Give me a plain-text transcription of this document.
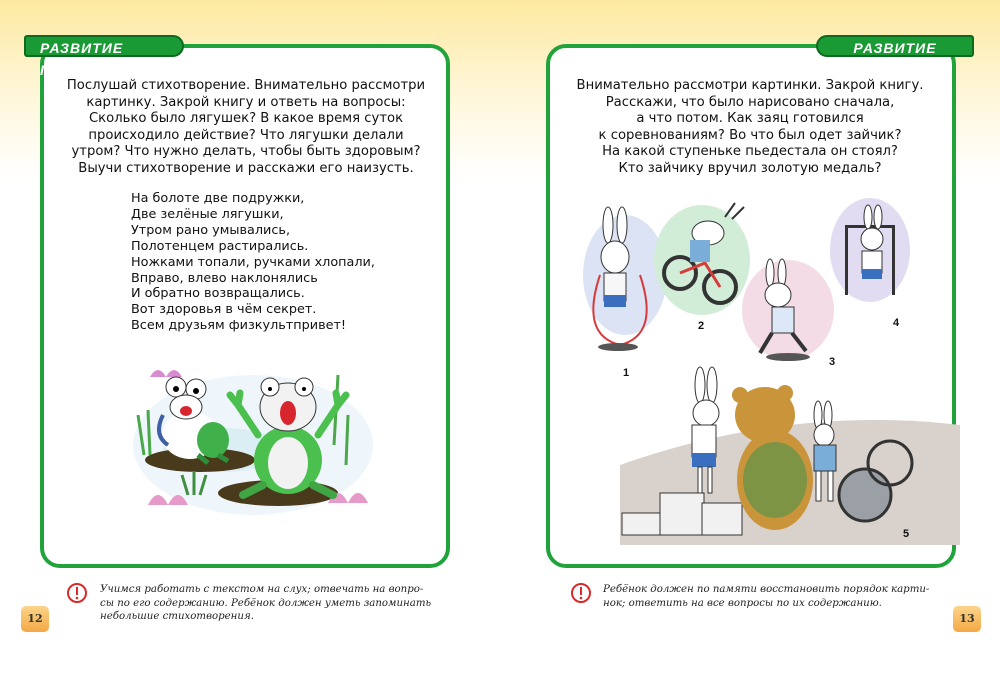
РАЗВИТИЕ ПАМЯТИ

Послушай стихотворение. Внимательно рассмотри
картинку. Закрой книгу и ответь на вопросы:
Сколько было лягушек? В какое время суток
происходило действие? Что лягушки делали
утром? Что нужно делать, чтобы быть здоровым?
Выучи стихотворение и расскажи его наизусть.

На болоте две подружки,
Две зелёные лягушки,
Утром рано умывались,
Полотенцем растирались.
Ножками топали, ручками хлопали,
Вправо, влево наклонялись
И обратно возвращались.
Вот здоровья в чём секрет.
Всем друзьям физкультпривет!
Учимся работать с текстом на слух; отвечать на вопро-
сы по его содержанию. Ребёнок должен уметь запоминать
небольшие стихотворения.
12
РАЗВИТИЕ ПАМЯТИ

Внимательно рассмотри картинки. Закрой книгу.
Расскажи, что было нарисовано сначала,
а что потом. Как заяц готовился
к соревнованиям? Во что был одет зайчик?
На какой ступеньке пьедестала он стоял?
Кто зайчику вручил золотую медаль?

1
2
3
4
5
Ребёнок должен по памяти восстановить порядок карти-
нок; ответить на все вопросы по их содержанию.
13
